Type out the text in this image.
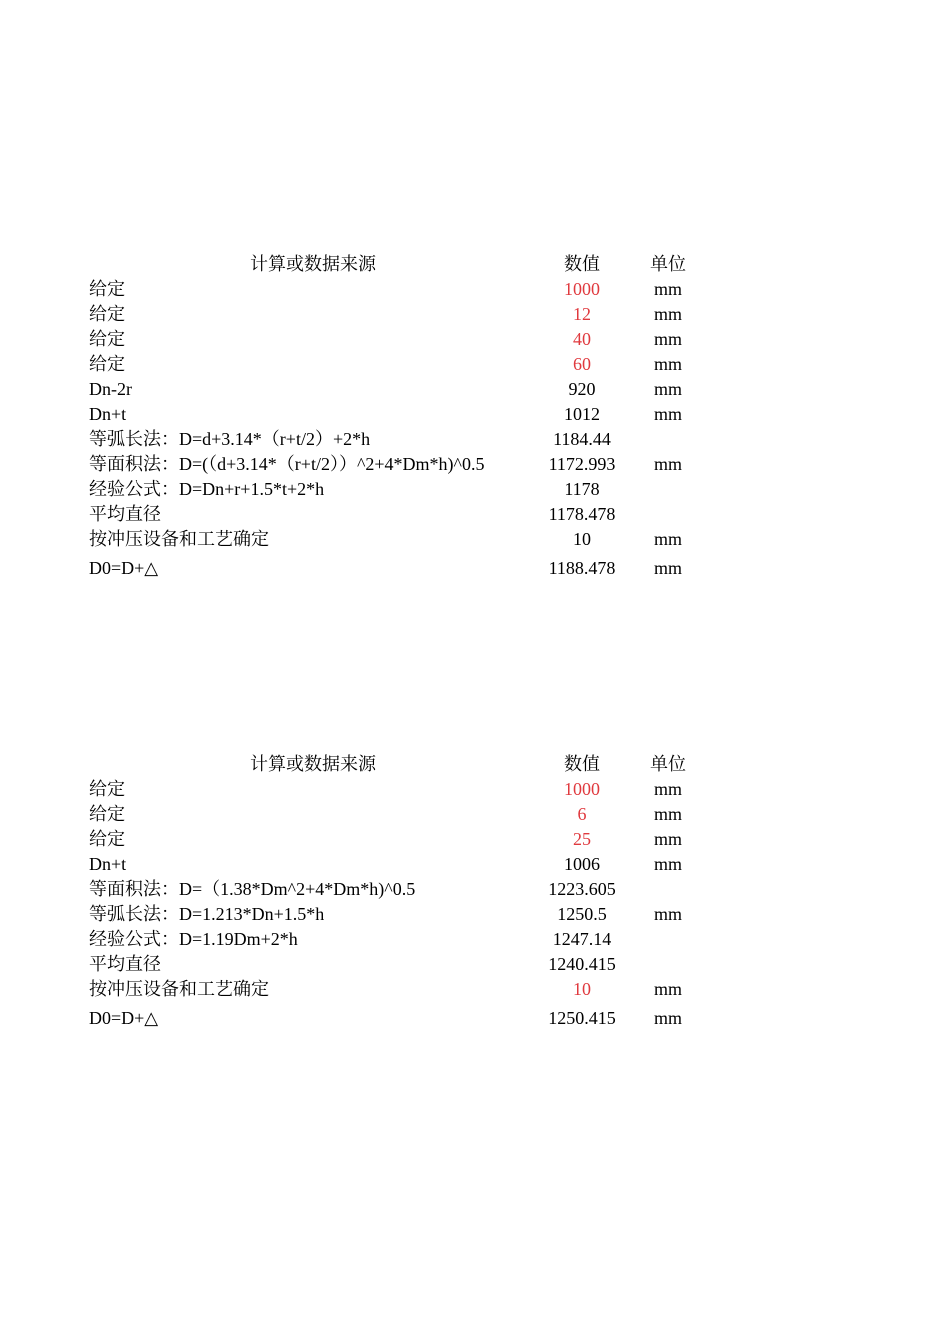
计算或数据来源	数值	单位
给定	1000	mm
给定	12	mm
给定	40	mm
给定	60	mm
Dn-2r	920	mm
Dn+t	1012	mm
等弧长法：D=d+3.14*（r+t/2）+2*h	1184.44
等面积法：D=(（d+3.14*（r+t/2））^2+4*Dm*h)^0.5	1172.993	mm
经验公式：D=Dn+r+1.5*t+2*h	1178
平均直径	1178.478
按冲压设备和工艺确定	10	mm
D0=D+△	1188.478	mm
计算或数据来源	数值	单位
给定	1000	mm
给定	6	mm
给定	25	mm
Dn+t	1006	mm
等面积法：D=（1.38*Dm^2+4*Dm*h)^0.5	1223.605
等弧长法：D=1.213*Dn+1.5*h	1250.5	mm
经验公式：D=1.19Dm+2*h	1247.14
平均直径	1240.415
按冲压设备和工艺确定	10	mm
D0=D+△	1250.415	mm
